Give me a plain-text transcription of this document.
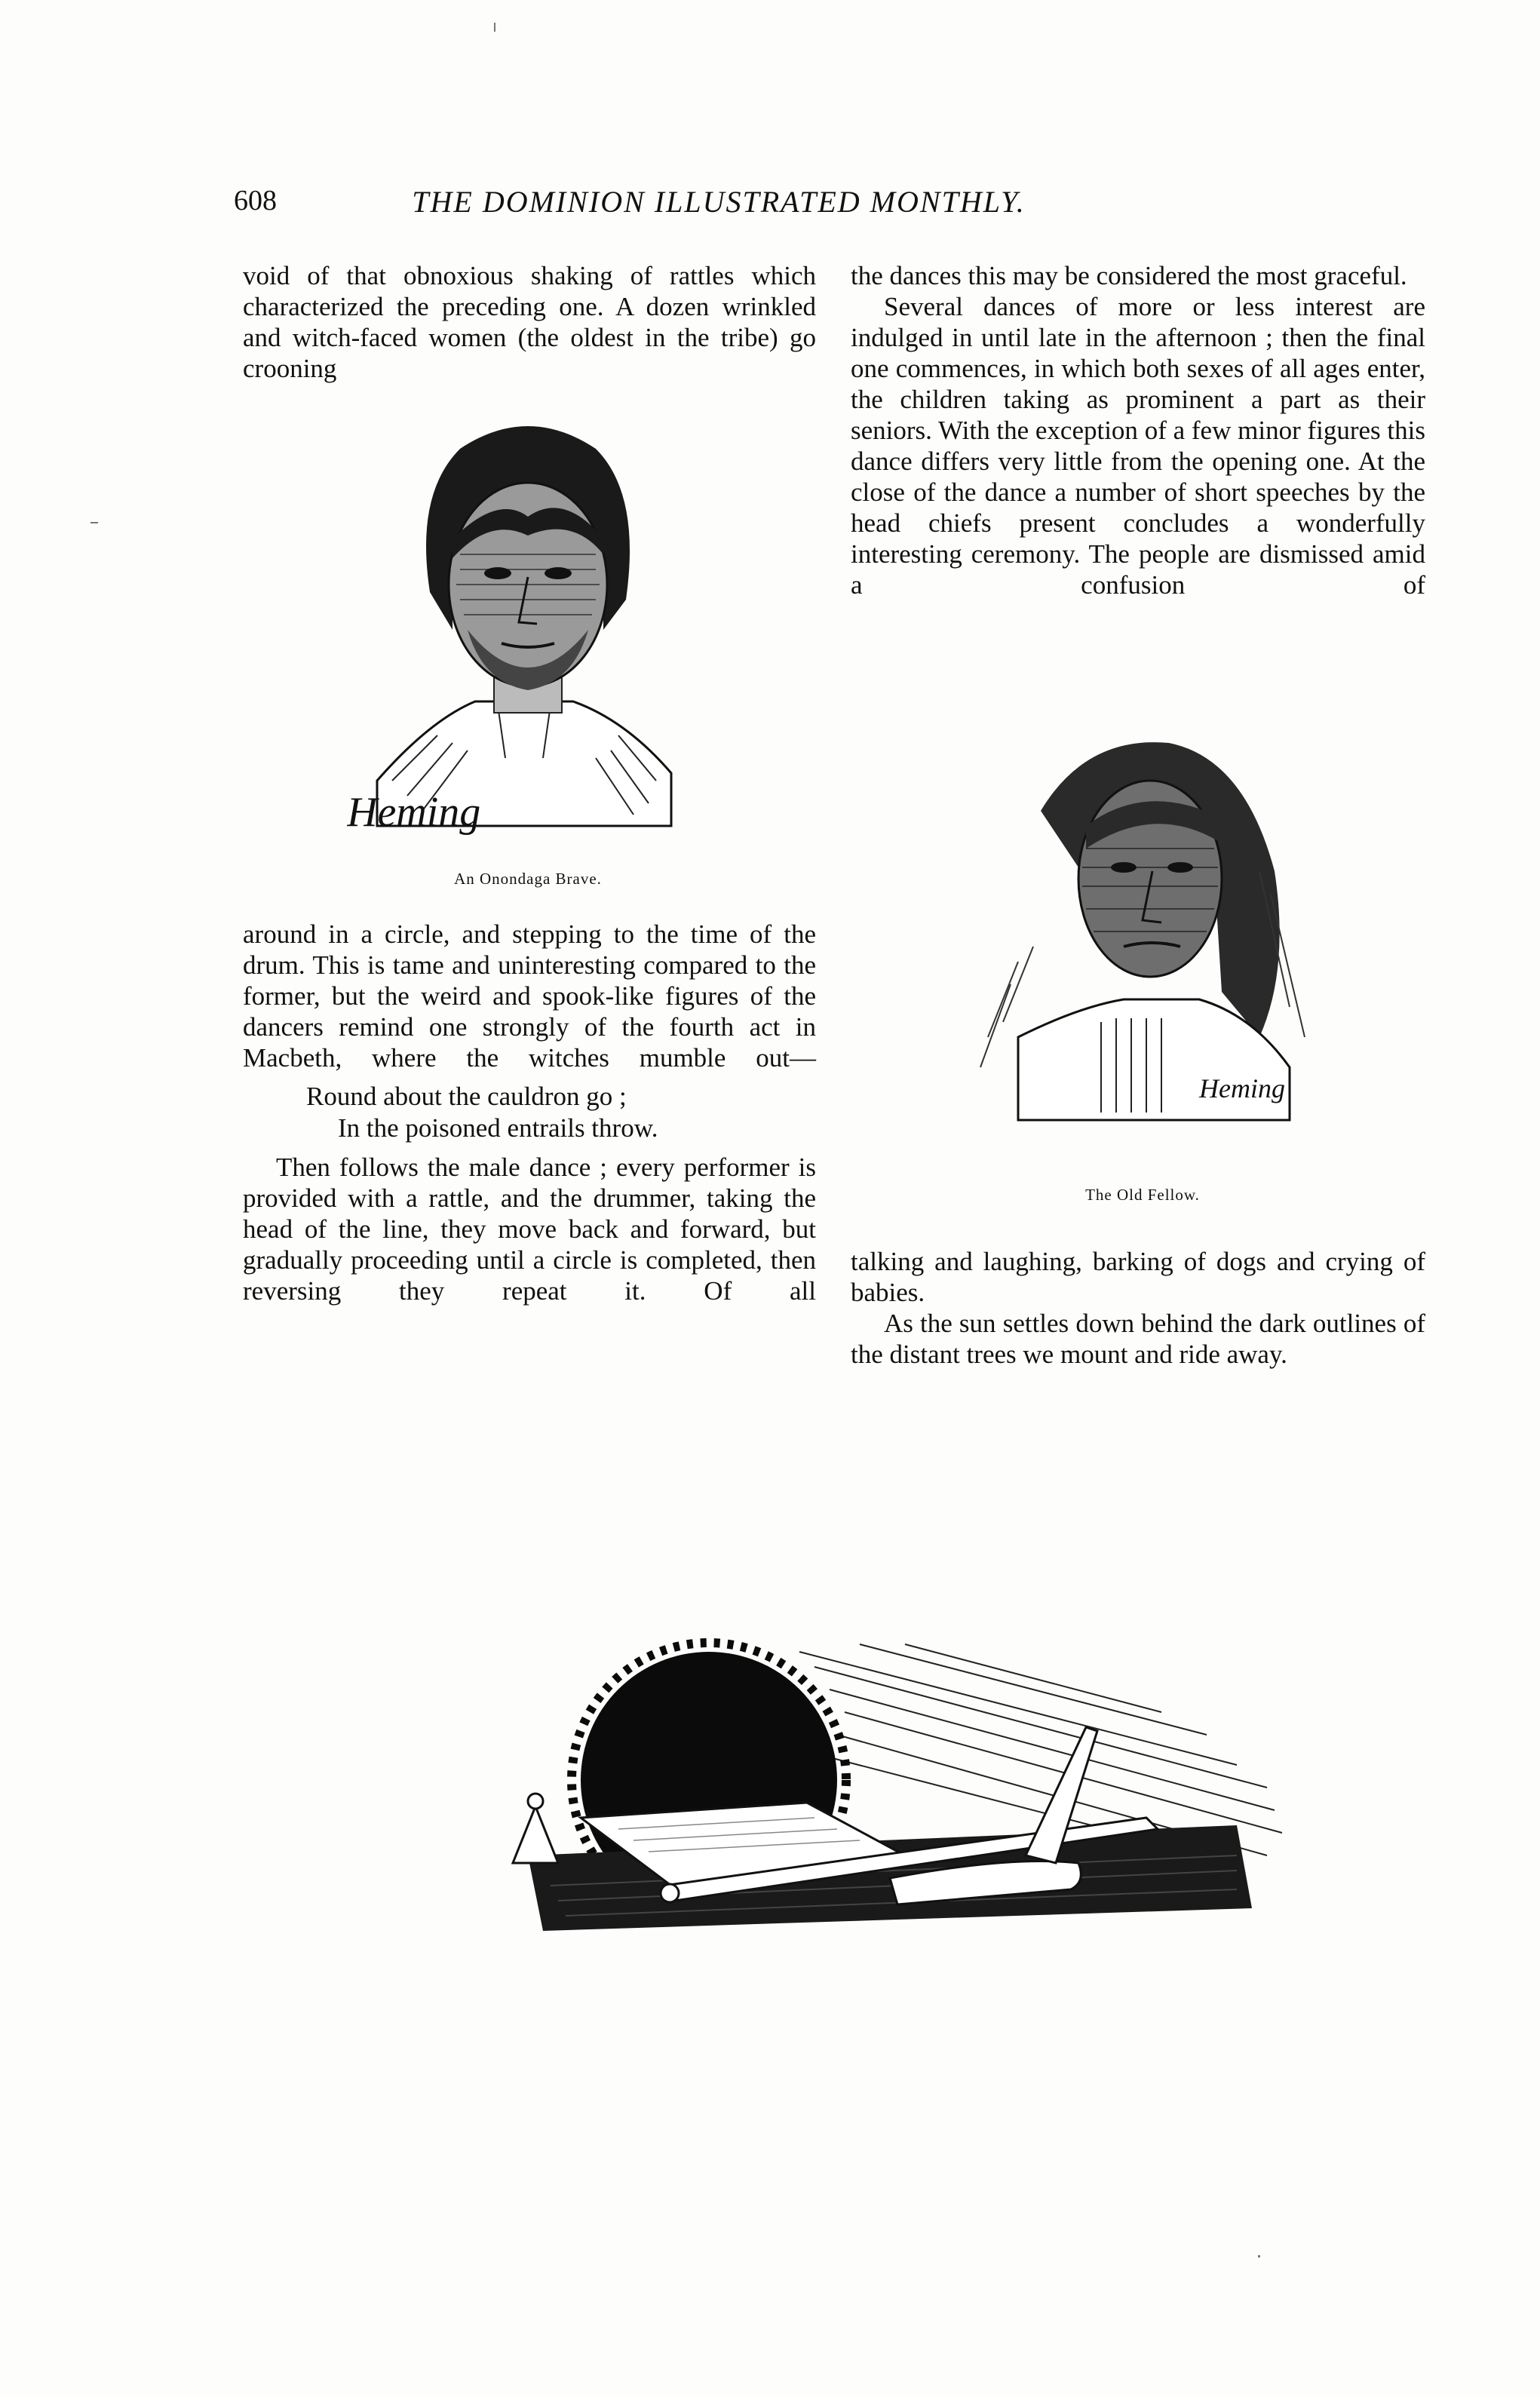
608	THE DOMINION ILLUSTRATED MONTHLY.

void of that obnoxious shaking of rattles which characterized the preceding one. A dozen wrinkled and witch-faced women (the oldest in the tribe) go crooning

Heming
An Onondaga Brave.

around in a circle, and stepping to the time of the drum. This is tame and uninteresting compared to the former, but the weird and spook-like figures of the dancers remind one strongly of the fourth act in Macbeth, where the witches mumble out—

Round about the cauldron go ;
In the poisoned entrails throw.

Then follows the male dance ; every performer is provided with a rattle, and the drummer, taking the head of the line, they move back and forward, but gradually proceeding until a circle is completed, then reversing they repeat it. Of all

the dances this may be considered the most graceful.

Several dances of more or less interest are indulged in until late in the afternoon ; then the final one commences, in which both sexes of all ages enter, the children taking as prominent a part as their seniors. With the exception of a few minor figures this dance differs very little from the opening one. At the close of the dance a number of short speeches by the head chiefs present concludes a wonderfully interesting ceremony. The people are dismissed amid a confusion of

Heming
The Old Fellow.

talking and laughing, barking of dogs and crying of babies.

As the sun settles down behind the dark outlines of the distant trees we mount and ride away.
